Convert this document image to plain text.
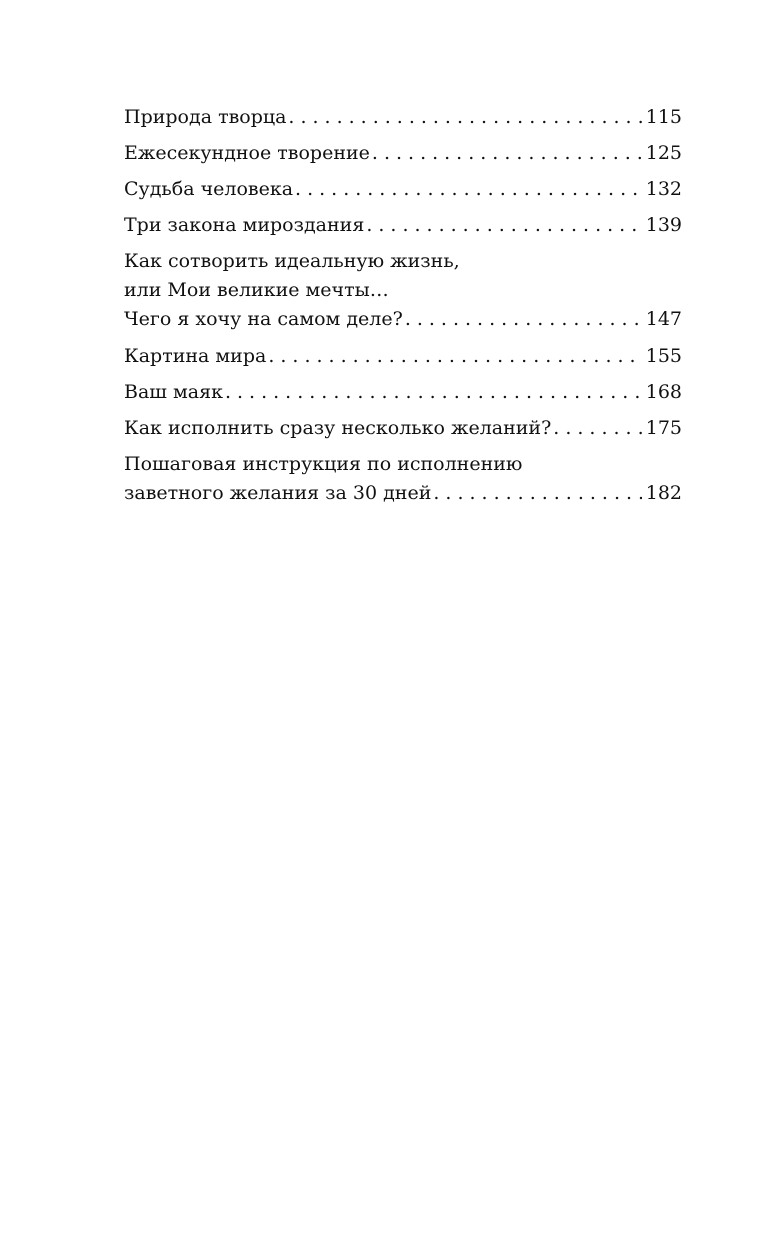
Природа творца .....	115
Ежесекундное творение .....	125
Судьба человека .....	132
Три закона мироздания .....	139
Как сотворить идеальную жизнь,
или Мои великие мечты…
Чего я хочу на самом деле? .....	147
Картина мира .....	155
Ваш маяк .....	168
Как исполнить сразу несколько желаний? .....	175
Пошаговая инструкция по исполнению
заветного желания за 30 дней .....	182
